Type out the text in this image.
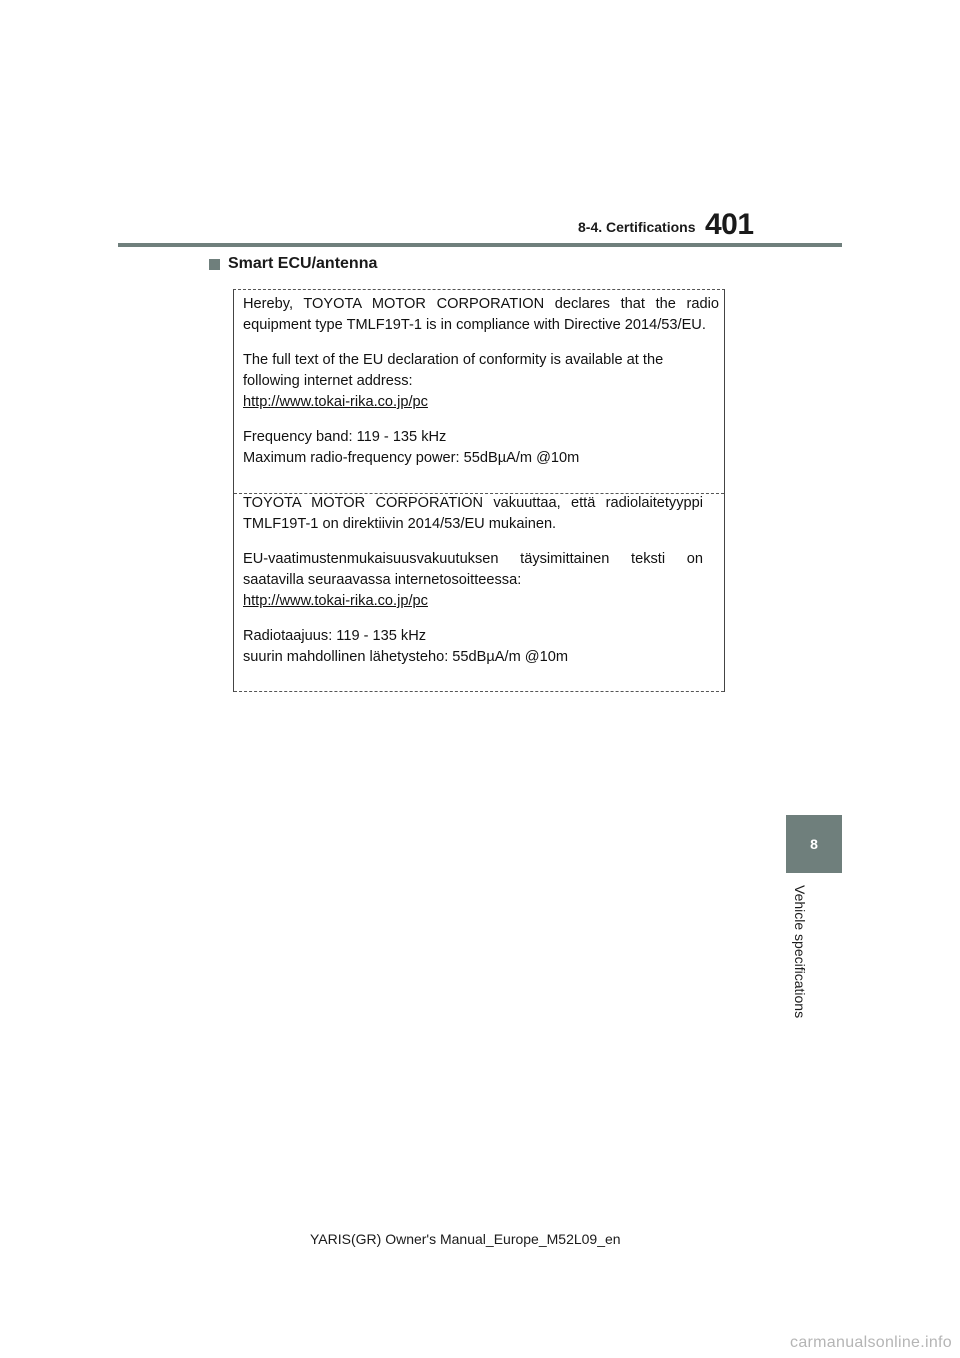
8-4. Certifications 401
Smart ECU/antenna

Hereby, TOYOTA MOTOR CORPORATION declares that the radio

equipment type TMLF19T-1 is in compliance with Directive 2014/53/EU.

The full text of the EU declaration of conformity is available at the

following internet address:

http://www.tokai-rika.co.jp/pc

Frequency band: 119 - 135 kHz

Maximum radio-frequency power: 55dBµA/m @10m

TOYOTA MOTOR CORPORATION vakuuttaa, että radiolaitetyyppi

TMLF19T-1 on direktiivin 2014/53/EU mukainen.

EU-vaatimustenmukaisuusvakuutuksen täysimittainen teksti on

saatavilla seuraavassa internetosoitteessa:

http://www.tokai-rika.co.jp/pc

Radiotaajuus: 119 - 135 kHz

suurin mahdollinen lähetysteho: 55dBµA/m @10m

8
Vehicle specifications
YARIS(GR) Owner's Manual_Europe_M52L09_en
carmanualsonline.info
